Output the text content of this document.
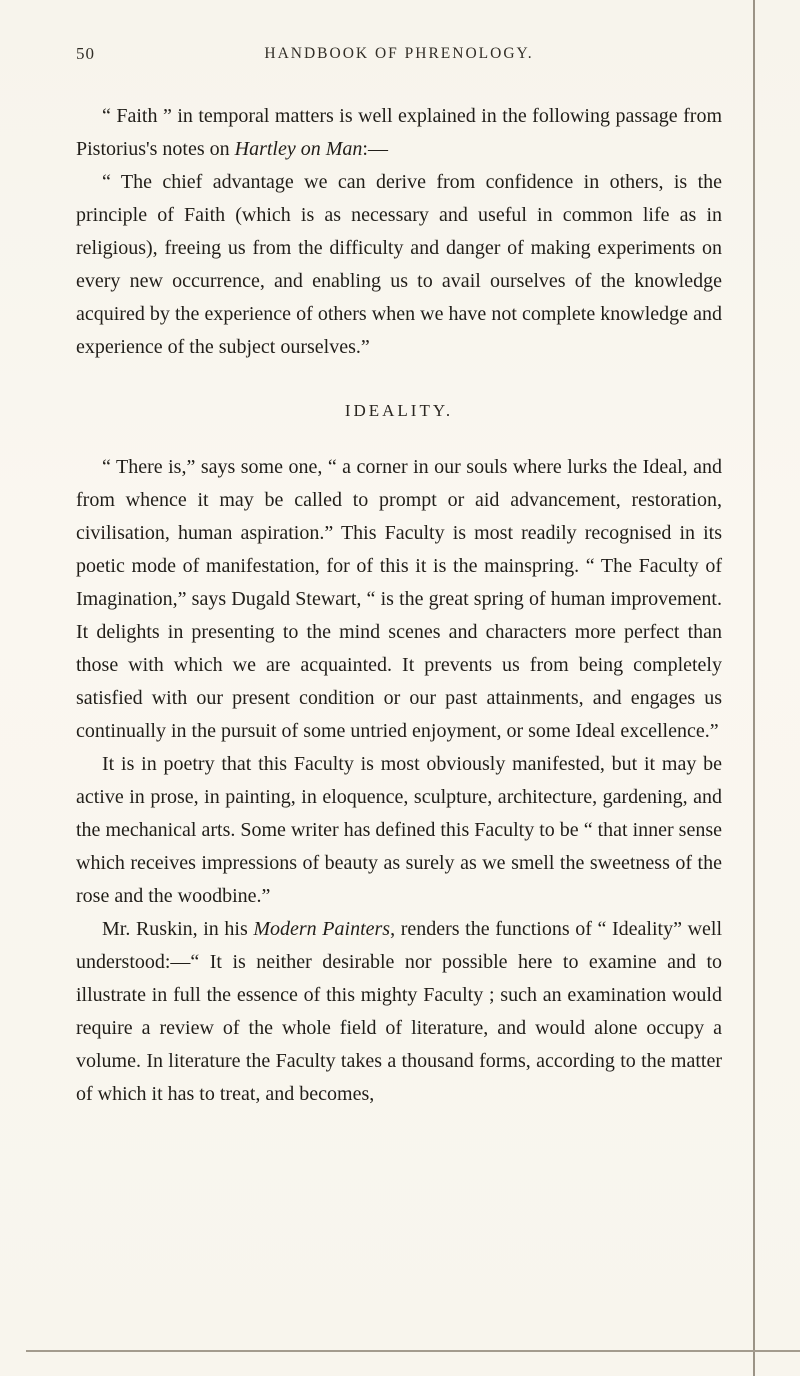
50	HANDBOOK OF PHRENOLOGY.

“ Faith ” in temporal matters is well explained in the following passage from Pistorius's notes on Hartley on Man:—

“ The chief advantage we can derive from confidence in others, is the principle of Faith (which is as necessary and useful in common life as in religious), freeing us from the difficulty and danger of making experiments on every new occurrence, and enabling us to avail ourselves of the knowledge acquired by the experience of others when we have not complete knowledge and experience of the subject ourselves.”

IDEALITY.

“ There is,” says some one, “ a corner in our souls where lurks the Ideal, and from whence it may be called to prompt or aid advancement, restoration, civilisation, human aspiration.” This Faculty is most readily recognised in its poetic mode of manifestation, for of this it is the mainspring. “ The Faculty of Imagination,” says Dugald Stewart, “ is the great spring of human improvement. It delights in presenting to the mind scenes and characters more perfect than those with which we are acquainted. It prevents us from being completely satisfied with our present condition or our past attainments, and engages us continually in the pursuit of some untried enjoyment, or some Ideal excellence.”

It is in poetry that this Faculty is most obviously manifested, but it may be active in prose, in painting, in eloquence, sculpture, architecture, gardening, and the mechanical arts. Some writer has defined this Faculty to be “ that inner sense which receives impressions of beauty as surely as we smell the sweetness of the rose and the woodbine.”

Mr. Ruskin, in his Modern Painters, renders the functions of “ Ideality” well understood:—“ It is neither desirable nor possible here to examine and to illustrate in full the essence of this mighty Faculty ; such an examination would require a review of the whole field of literature, and would alone occupy a volume. In literature the Faculty takes a thousand forms, according to the matter of which it has to treat, and becomes,
